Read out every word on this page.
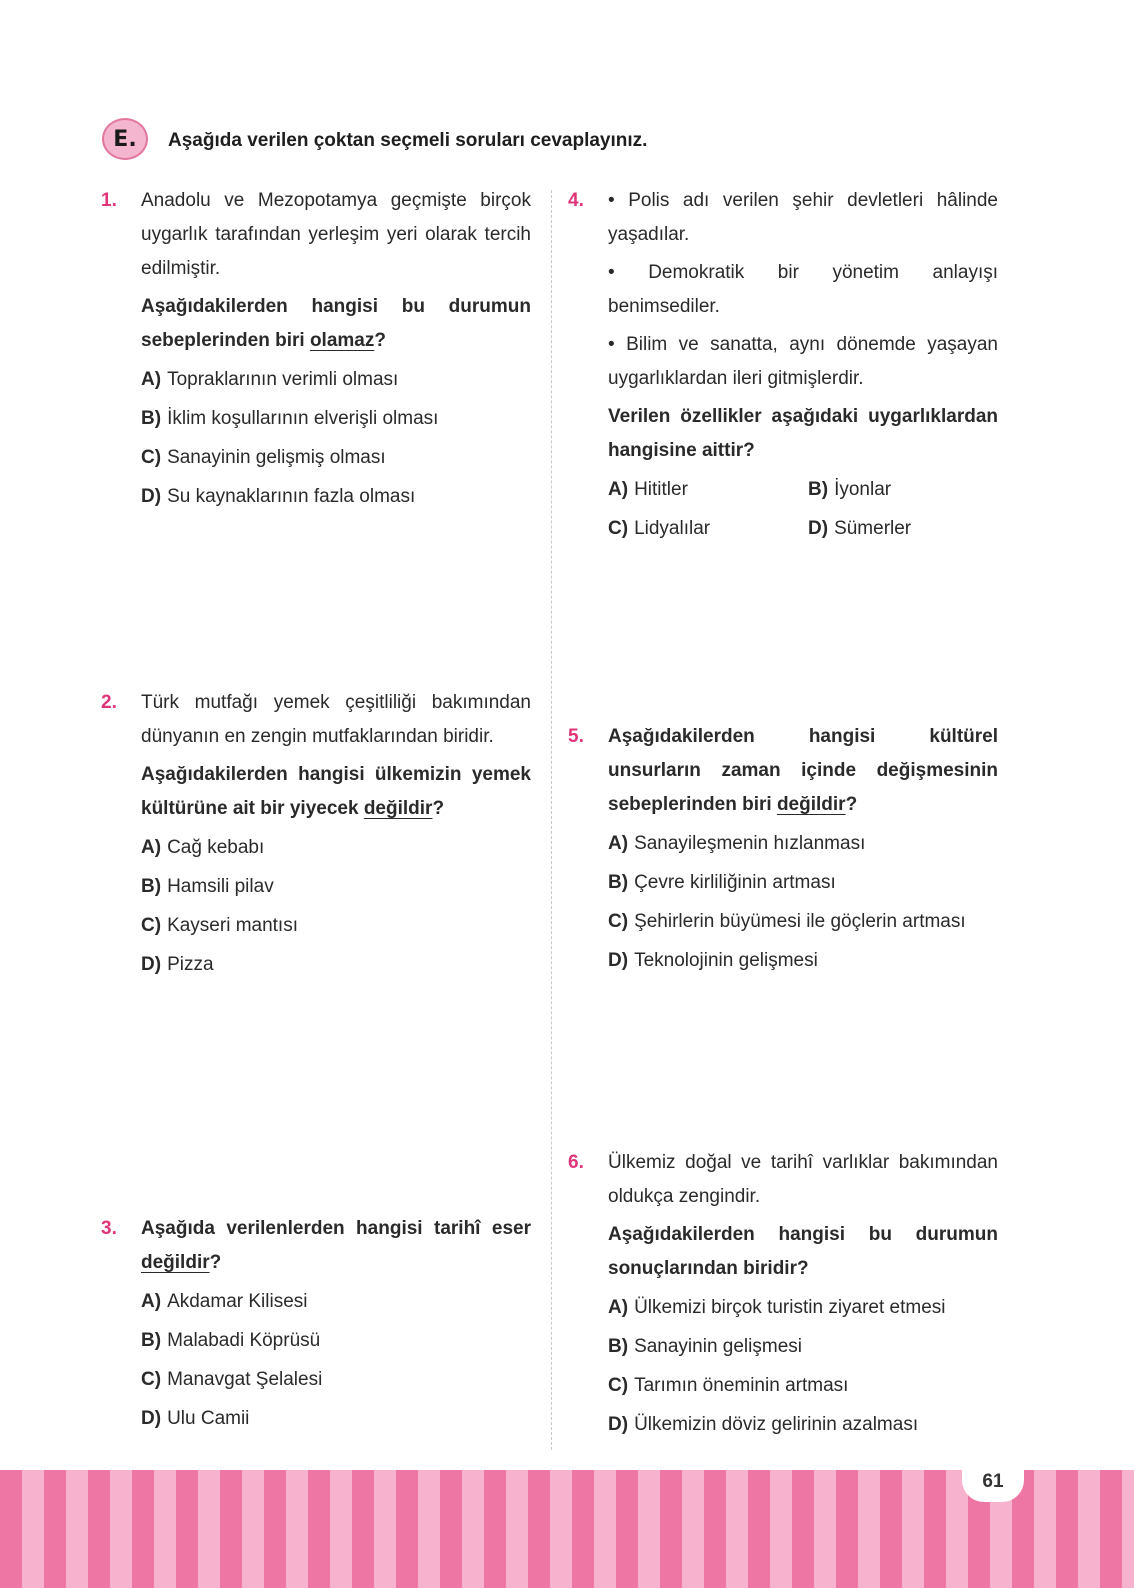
E. Aşağıda verilen çoktan seçmeli soruları cevaplayınız.
1. Anadolu ve Mezopotamya geçmişte birçok uygarlık tarafından yerleşim yeri olarak tercih edilmiştir.
Aşağıdakilerden hangisi bu durumun sebeplerinden biri olamaz?
A) Topraklarının verimli olması
B) İklim koşullarının elverişli olması
C) Sanayinin gelişmiş olması
D) Su kaynaklarının fazla olması
2. Türk mutfağı yemek çeşitliliği bakımından dünyanın en zengin mutfaklarından biridir.
Aşağıdakilerden hangisi ülkemizin yemek kültürüne ait bir yiyecek değildir?
A) Cağ kebabı
B) Hamsili pilav
C) Kayseri mantısı
D) Pizza
3. Aşağıda verilenlerden hangisi tarihî eser değildir?
A) Akdamar Kilisesi
B) Malabadi Köprüsü
C) Manavgat Şelalesi
D) Ulu Camii
4. • Polis adı verilen şehir devletleri hâlinde yaşadılar.
• Demokratik bir yönetim anlayışı benimsediler.
• Bilim ve sanatta, aynı dönemde yaşayan uygarlıklardan ileri gitmişlerdir.
Verilen özellikler aşağıdaki uygarlıklardan hangisine aittir?
A) Hititler	B) İyonlar
C) Lidyalılar	D) Sümerler
5. Aşağıdakilerden hangisi kültürel unsurların zaman içinde değişmesinin sebeplerinden biri değildir?
A) Sanayileşmenin hızlanması
B) Çevre kirliliğinin artması
C) Şehirlerin büyümesi ile göçlerin artması
D) Teknolojinin gelişmesi
6. Ülkemiz doğal ve tarihî varlıklar bakımından oldukça zengindir.
Aşağıdakilerden hangisi bu durumun sonuçlarından biridir?
A) Ülkemizi birçok turistin ziyaret etmesi
B) Sanayinin gelişmesi
C) Tarımın öneminin artması
D) Ülkemizin döviz gelirinin azalması
61
